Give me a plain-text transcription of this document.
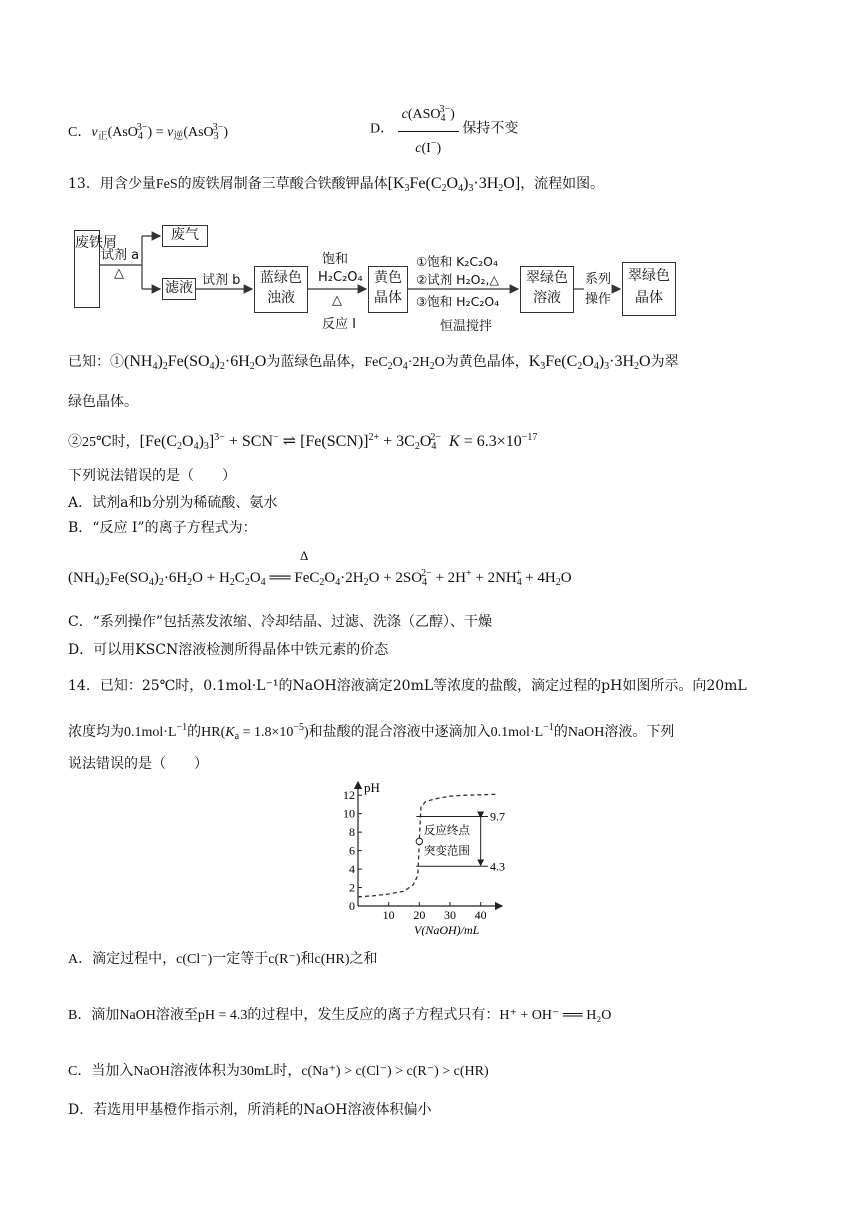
C．$v_正(AsO_4^{3-}) = v_逆(AsO_3^{3-})$	D． $\frac{c(ASO_4^{3-})}{c(I^-)}$ 保持不变
13．用含少量FeS的废铁屑制备三草酸合铁酸钾晶体$[K_3Fe(C_2O_4)_3\cdot 3H_2O]$，流程如图。
废铁屑
试剂 a
△
废气
滤液 试剂 b	蓝绿色浊液
饱和
H₂C₂O₄
△
反应 I
黄色晶体
①饱和 K₂C₂O₄
②试剂 H₂O₂,△
③饱和 H₂C₂O₄
恒温搅拌
翠绿色溶液
系列操作
翠绿色晶体
已知：$①(NH_4)_2Fe(SO_4)_2\cdot 6H_2O$为蓝绿色晶体，$FeC_2O_4\cdot 2H_2O$为黄色晶体，$K_3Fe(C_2O_4)_3\cdot 3H_2O$为翠
绿色晶体。
②25℃时，$[Fe(C_2O_4)_3]^{3-} + SCN^-$ ⇌ $[Fe(SCN)]^{2+} + 3C_2O_4^{2-}$ $K = 6.3\times 10^{-17}$
下列说法错误的是（　　）
A．试剂a和b分别为稀硫酸、氨水
B．“反应 I”的离子方程式为：
Δ
$(NH_4)_2Fe(SO_4)_2\cdot 6H_2O + H_2C_2O_4$ ══ $FeC_2O_4\cdot 2H_2O + 2SO_4^{2-} + 2H^+ + 2NH_4^+ + 4H_2O$
C．“系列操作”包括蒸发浓缩、冷却结晶、过滤、洗涤（乙醇）、干燥
D．可以用KSCN溶液检测所得晶体中铁元素的价态
14．已知：25℃时，0.1mol·L⁻¹的NaOH溶液滴定20mL等浓度的盐酸，滴定过程的pH如图所示。向20mL
浓度均为$0.1mol\cdot L^{-1}$的$HR(K_a = 1.8\times 10^{-5})$和盐酸的混合溶液中逐滴加入$0.1mol\cdot L^{-1}$的NaOH溶液。下列
说法错误的是（　　）
pH
0
2
4
6
8
10
12
10 20 30 40
V(NaOH)/mL
9.7
4.3
反应终点
突变范围
A．滴定过程中，c(Cl⁻)一定等于c(R⁻)和c(HR)之和
B．滴加NaOH溶液至pH = 4.3的过程中，发生反应的离子方程式只有：H⁺ + OH⁻ ══ H₂O
C．当加入NaOH溶液体积为30mL时，c(Na⁺) > c(Cl⁻) > c(R⁻) > c(HR)
D．若选用甲基橙作指示剂，所消耗的NaOH溶液体积偏小
